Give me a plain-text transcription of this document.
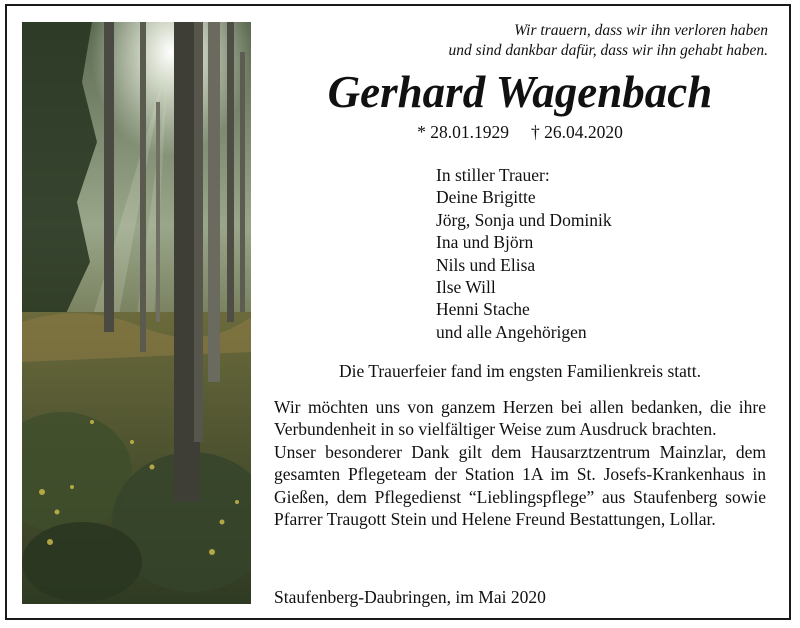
Wir trauern, dass wir ihn verloren haben
und sind dankbar dafür, dass wir ihn gehabt haben.
Gerhard Wagenbach
* 28.01.1929 † 26.04.2020
In stiller Trauer:
Deine Brigitte
Jörg, Sonja und Dominik
Ina und Björn
Nils und Elisa
Ilse Will
Henni Stache
und alle Angehörigen
Die Trauerfeier fand im engsten Familienkreis statt.

Wir möchten uns von ganzem Herzen bei allen bedanken, die ihre Verbundenheit in so vielfältiger Weise zum Ausdruck brachten.

Unser besonderer Dank gilt dem Hausarztzentrum Mainzlar, dem gesamten Pflegeteam der Station 1A im St. Josefs-Krankenhaus in Gießen, dem Pflegedienst “Lieblingspflege” aus Staufenberg sowie Pfarrer Traugott Stein und Helene Freund Bestattungen, Lollar.

Staufenberg-Daubringen, im Mai 2020
